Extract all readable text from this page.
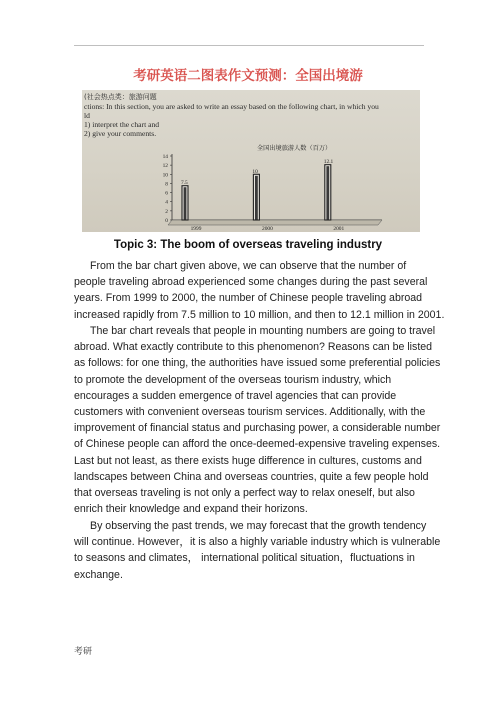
考研英语二图表作文预测：全国出境游
(社会热点类：旅游问题
ctions: In this section, you are asked to write an essay based on the following chart, in which you
ld
1) interpret the chart and
2) give your comments.
全国出境旅游人数（百万）
0
2
4
6
8
10
12
14
7.5
1999
10
2000
12.1
2001
Topic 3: The boom of overseas traveling industry
From the bar chart given above, we can observe that the number of
people traveling abroad experienced some changes during the past several
years. From 1999 to 2000, the number of Chinese people traveling abroad
increased rapidly from 7.5 million to 10 million, and then to 12.1 million in 2001.
The bar chart reveals that people in mounting numbers are going to travel
abroad. What exactly contribute to this phenomenon? Reasons can be listed
as follows: for one thing, the authorities have issued some preferential policies
to promote the development of the overseas tourism industry, which
encourages a sudden emergence of travel agencies that can provide
customers with convenient overseas tourism services. Additionally, with the
improvement of financial status and purchasing power, a considerable number
of Chinese people can afford the once-deemed-expensive traveling expenses.
Last but not least, as there exists huge difference in cultures, customs and
landscapes between China and overseas countries, quite a few people hold
that overseas traveling is not only a perfect way to relax oneself, but also
enrich their knowledge and expand their horizons.
By observing the past trends, we may forecast that the growth tendency
will continue. However，it is also a highly variable industry which is vulnerable
to seasons and climates， international political situation，fluctuations in
exchange.
考研
